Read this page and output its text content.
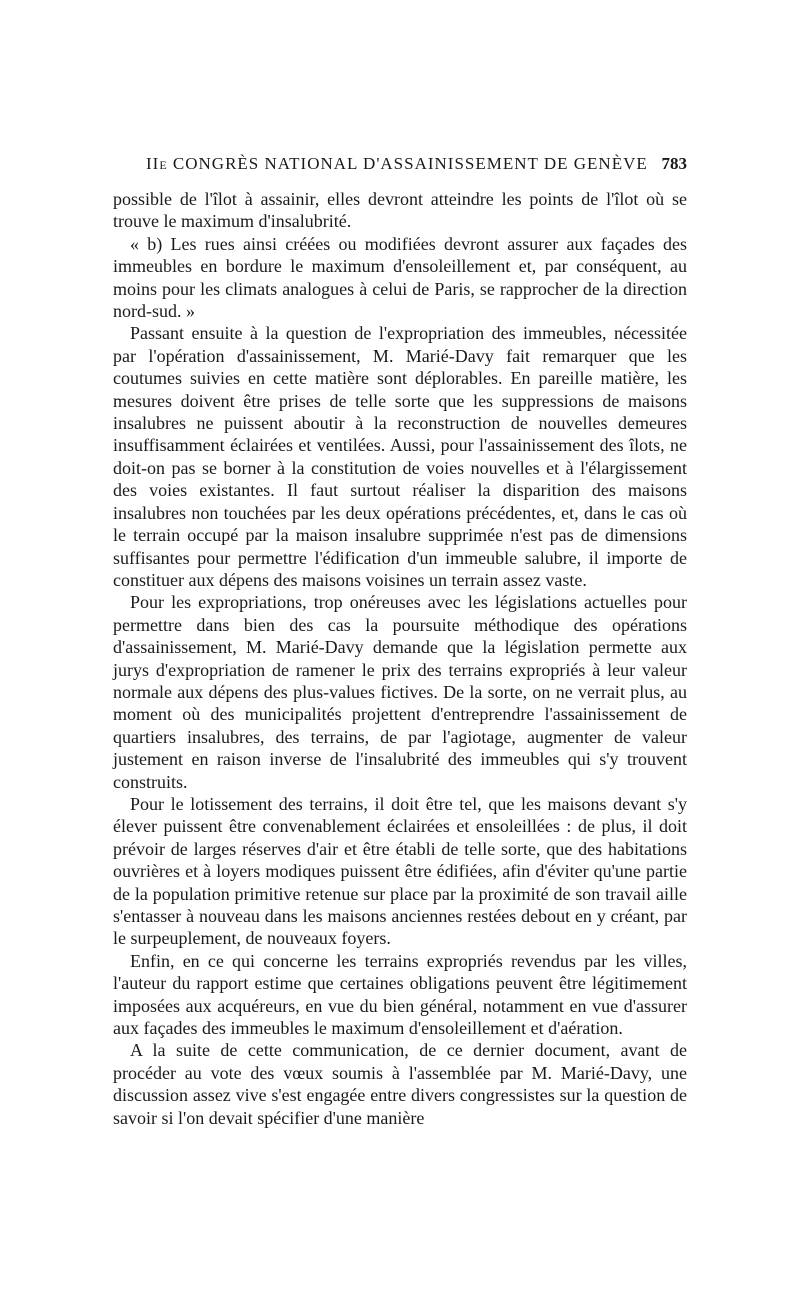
IIe CONGRÈS NATIONAL D'ASSAINISSEMENT DE GENÈVE 783

possible de l'îlot à assainir, elles devront atteindre les points de l'îlot où se trouve le maximum d'insalubrité.

« b) Les rues ainsi créées ou modifiées devront assurer aux façades des immeubles en bordure le maximum d'ensoleillement et, par conséquent, au moins pour les climats analogues à celui de Paris, se rapprocher de la direction nord-sud. »

Passant ensuite à la question de l'expropriation des immeubles, nécessitée par l'opération d'assainissement, M. Marié-Davy fait remarquer que les coutumes suivies en cette matière sont déplorables. En pareille matière, les mesures doivent être prises de telle sorte que les suppressions de maisons insalubres ne puissent aboutir à la reconstruction de nouvelles demeures insuffisamment éclairées et ventilées. Aussi, pour l'assainissement des îlots, ne doit-on pas se borner à la constitution de voies nouvelles et à l'élargissement des voies existantes. Il faut surtout réaliser la disparition des maisons insalubres non touchées par les deux opérations précédentes, et, dans le cas où le terrain occupé par la maison insalubre supprimée n'est pas de dimensions suffisantes pour permettre l'édification d'un immeuble salubre, il importe de constituer aux dépens des maisons voisines un terrain assez vaste.

Pour les expropriations, trop onéreuses avec les législations actuelles pour permettre dans bien des cas la poursuite méthodique des opérations d'assainissement, M. Marié-Davy demande que la législation permette aux jurys d'expropriation de ramener le prix des terrains expropriés à leur valeur normale aux dépens des plus-values fictives. De la sorte, on ne verrait plus, au moment où des municipalités projettent d'entreprendre l'assainissement de quartiers insalubres, des terrains, de par l'agiotage, augmenter de valeur justement en raison inverse de l'insalubrité des immeubles qui s'y trouvent construits.

Pour le lotissement des terrains, il doit être tel, que les maisons devant s'y élever puissent être convenablement éclairées et ensoleillées : de plus, il doit prévoir de larges réserves d'air et être établi de telle sorte, que des habitations ouvrières et à loyers modiques puissent être édifiées, afin d'éviter qu'une partie de la population primitive retenue sur place par la proximité de son travail aille s'entasser à nouveau dans les maisons anciennes restées debout en y créant, par le surpeuplement, de nouveaux foyers.

Enfin, en ce qui concerne les terrains expropriés revendus par les villes, l'auteur du rapport estime que certaines obligations peuvent être légitimement imposées aux acquéreurs, en vue du bien général, notamment en vue d'assurer aux façades des immeubles le maximum d'ensoleillement et d'aération.

A la suite de cette communication, de ce dernier document, avant de procéder au vote des vœux soumis à l'assemblée par M. Marié-Davy, une discussion assez vive s'est engagée entre divers congressistes sur la question de savoir si l'on devait spécifier d'une manière
